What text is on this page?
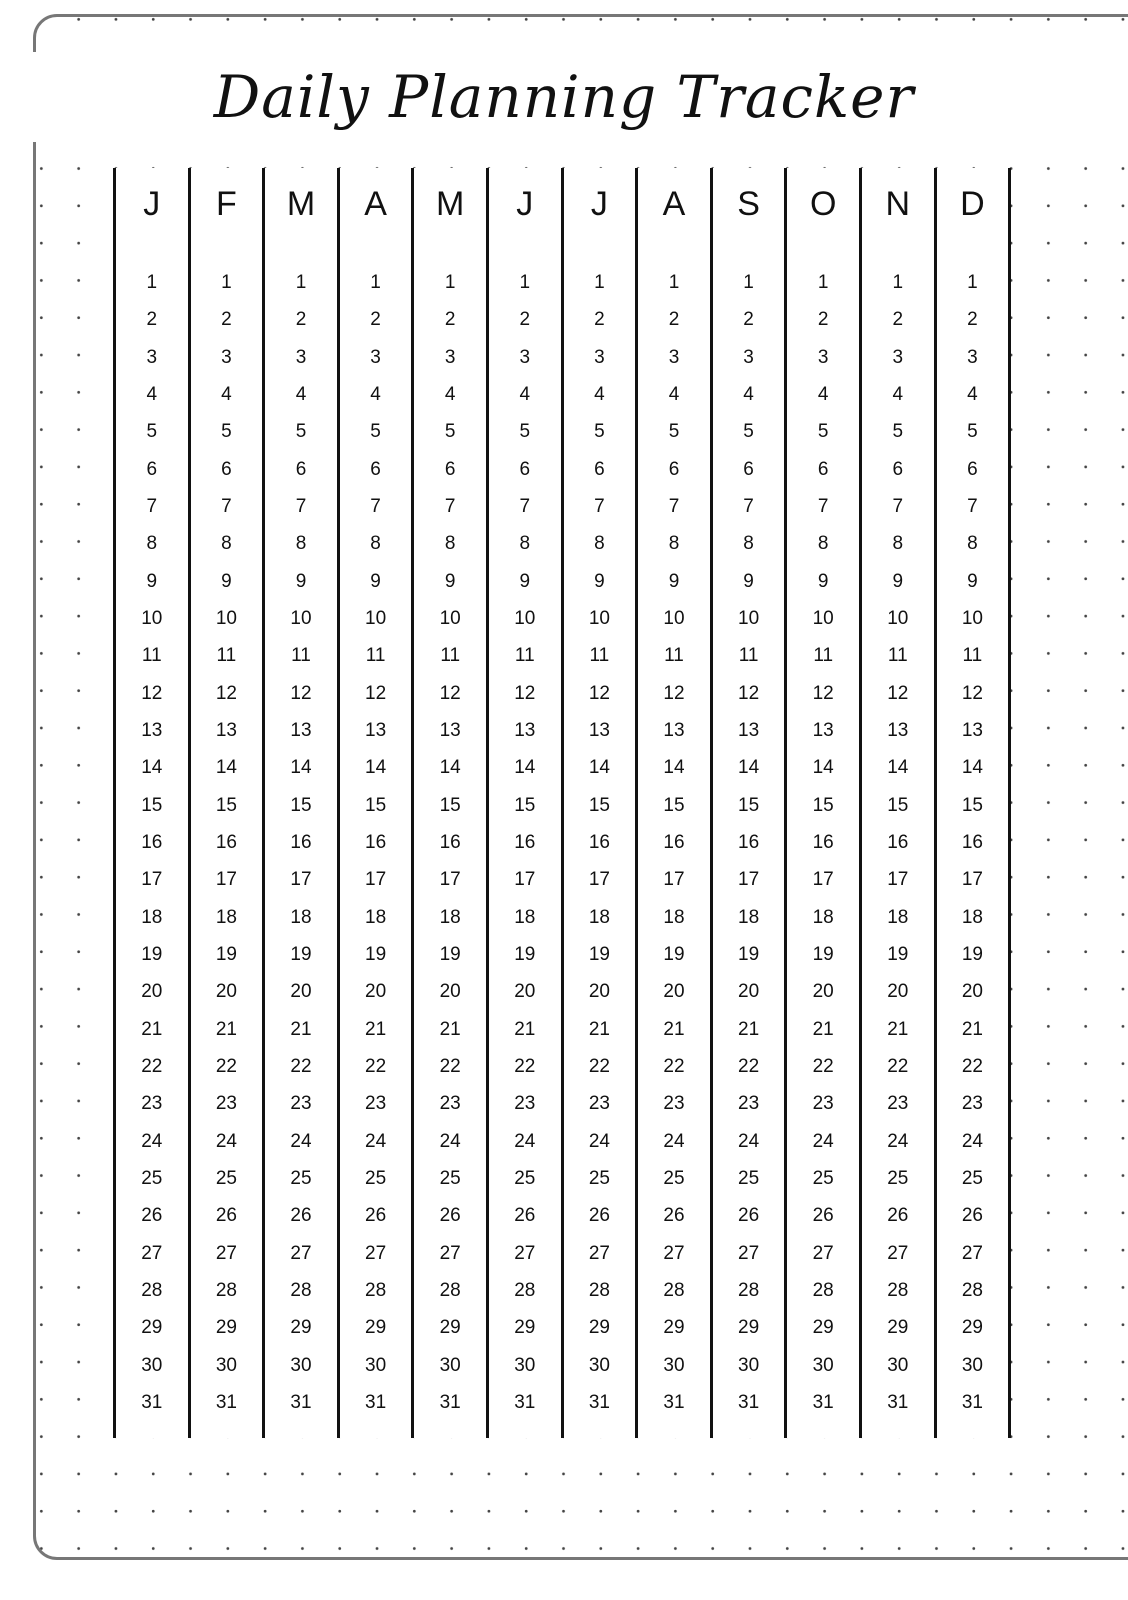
Daily Planning Tracker
J
1
2
3
4
5
6
7
8
9
10
11
12
13
14
15
16
17
18
19
20
21
22
23
24
25
26
27
28
29
30
31
F
1
2
3
4
5
6
7
8
9
10
11
12
13
14
15
16
17
18
19
20
21
22
23
24
25
26
27
28
29
30
31
M
1
2
3
4
5
6
7
8
9
10
11
12
13
14
15
16
17
18
19
20
21
22
23
24
25
26
27
28
29
30
31
A
1
2
3
4
5
6
7
8
9
10
11
12
13
14
15
16
17
18
19
20
21
22
23
24
25
26
27
28
29
30
31
M
1
2
3
4
5
6
7
8
9
10
11
12
13
14
15
16
17
18
19
20
21
22
23
24
25
26
27
28
29
30
31
J
1
2
3
4
5
6
7
8
9
10
11
12
13
14
15
16
17
18
19
20
21
22
23
24
25
26
27
28
29
30
31
J
1
2
3
4
5
6
7
8
9
10
11
12
13
14
15
16
17
18
19
20
21
22
23
24
25
26
27
28
29
30
31
A
1
2
3
4
5
6
7
8
9
10
11
12
13
14
15
16
17
18
19
20
21
22
23
24
25
26
27
28
29
30
31
S
1
2
3
4
5
6
7
8
9
10
11
12
13
14
15
16
17
18
19
20
21
22
23
24
25
26
27
28
29
30
31
O
1
2
3
4
5
6
7
8
9
10
11
12
13
14
15
16
17
18
19
20
21
22
23
24
25
26
27
28
29
30
31
N
1
2
3
4
5
6
7
8
9
10
11
12
13
14
15
16
17
18
19
20
21
22
23
24
25
26
27
28
29
30
31
D
1
2
3
4
5
6
7
8
9
10
11
12
13
14
15
16
17
18
19
20
21
22
23
24
25
26
27
28
29
30
31
